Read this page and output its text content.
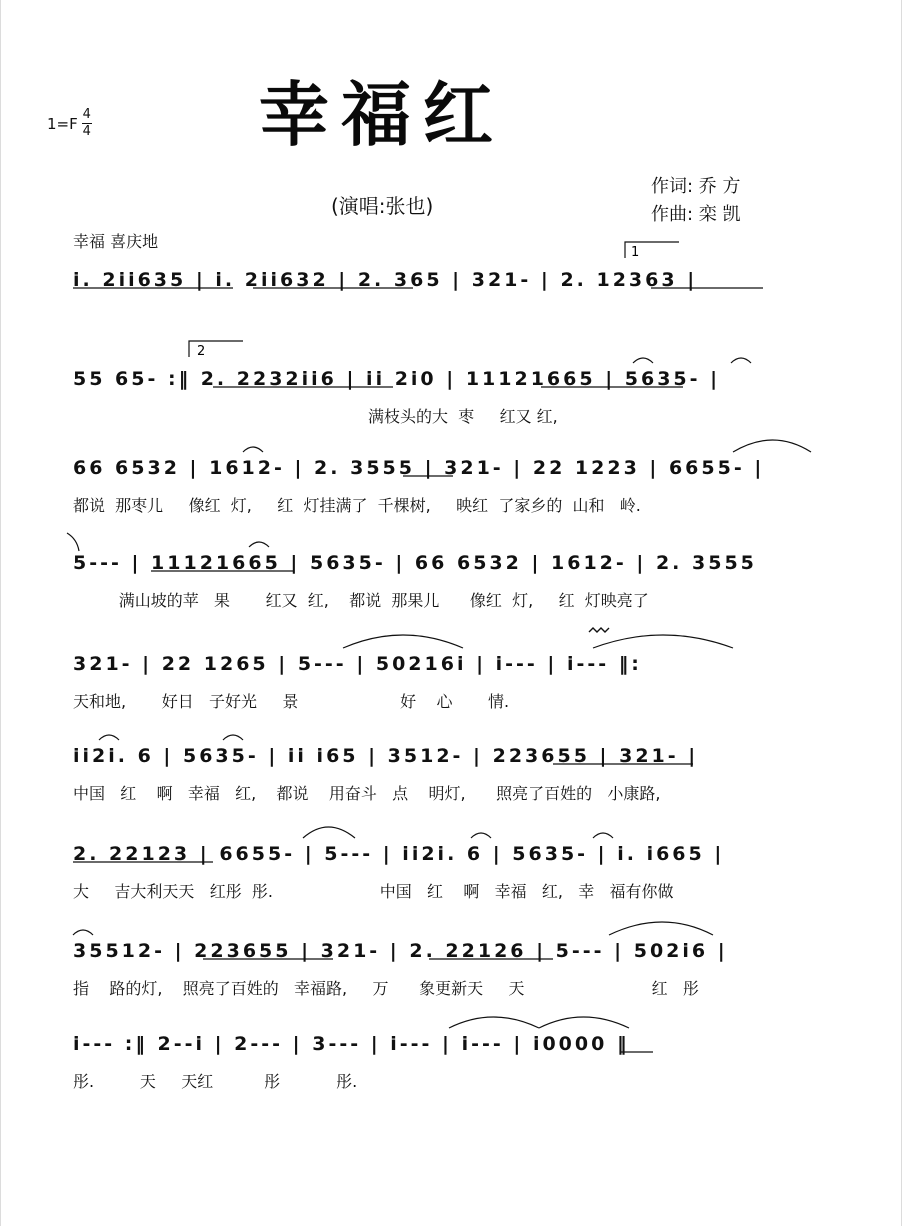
1=F 4
4 幸福红
(演唱:张也)
作词: 乔 方
作曲: 栾 凯
幸福 喜庆地
1
i. 2ii635 | i. 2ii632 | 2. 365 | 321- | 2. 12363 |
2
55 65- :‖ 2. 2232ii6 | ii 2i0 | 11121665 | 5635- |
满枝头的大  枣     红又 红,
66 6532 | 1612- | 2. 3555 | 321- | 22 1223 | 6655- |
都说  那枣儿     像红  灯,     红  灯挂满了  千棵树,     映红  了家乡的  山和   岭.
5--- | 11121665 | 5635- | 66 6532 | 1612- | 2. 3555
满山坡的苹   果       红又  红,    都说  那果儿      像红  灯,     红  灯映亮了
321- | 22 1265 | 5--- | 50216i | i--- | i--- ‖:
天和地,       好日   子好光     景                    好    心       情.
ii2i. 6 | 5635- | ii i65 | 3512- | 223655 | 321- |
中国   红    啊   幸福   红,    都说    用奋斗   点    明灯,      照亮了百姓的   小康路,
2. 22123 | 6655- | 5--- | ii2i. 6 | 5635- | i. i665 |
大     吉大利天天   红彤  彤.                     中国   红    啊   幸福   红,   幸   福有你做
35512- | 223655 | 321- | 2. 22126 | 5--- | 502i6 |
指    路的灯,    照亮了百姓的   幸福路,     万      象更新天     天                         红   彤
i--- :‖ 2--i | 2--- | 3--- | i--- | i--- | i0000 ‖
彤.         天     天红          彤           彤.
